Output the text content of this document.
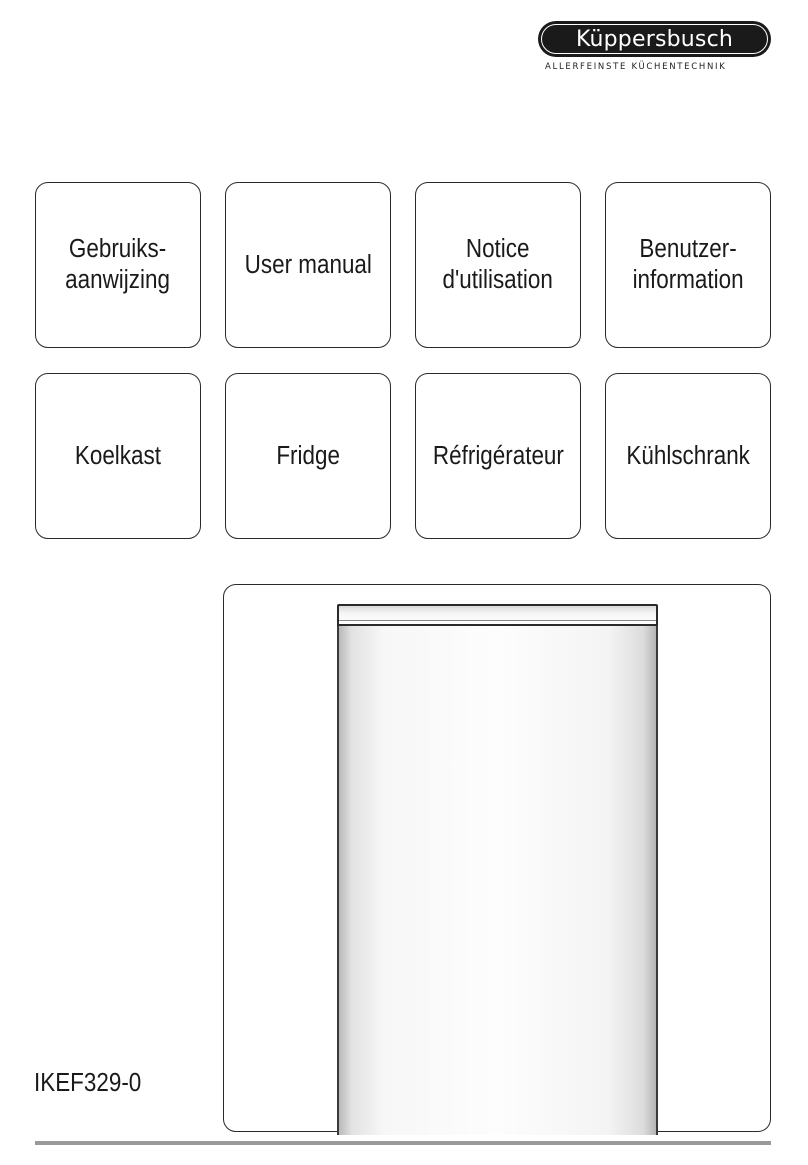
Küppersbusch
ALLERFEINSTE KÜCHENTECHNIK
Gebruiks-
aanwijzing
User manual
Notice
d'utilisation
Benutzer-
information
Koelkast	Fridge	Réfrigérateur Kühlschrank
IKEF329-0
